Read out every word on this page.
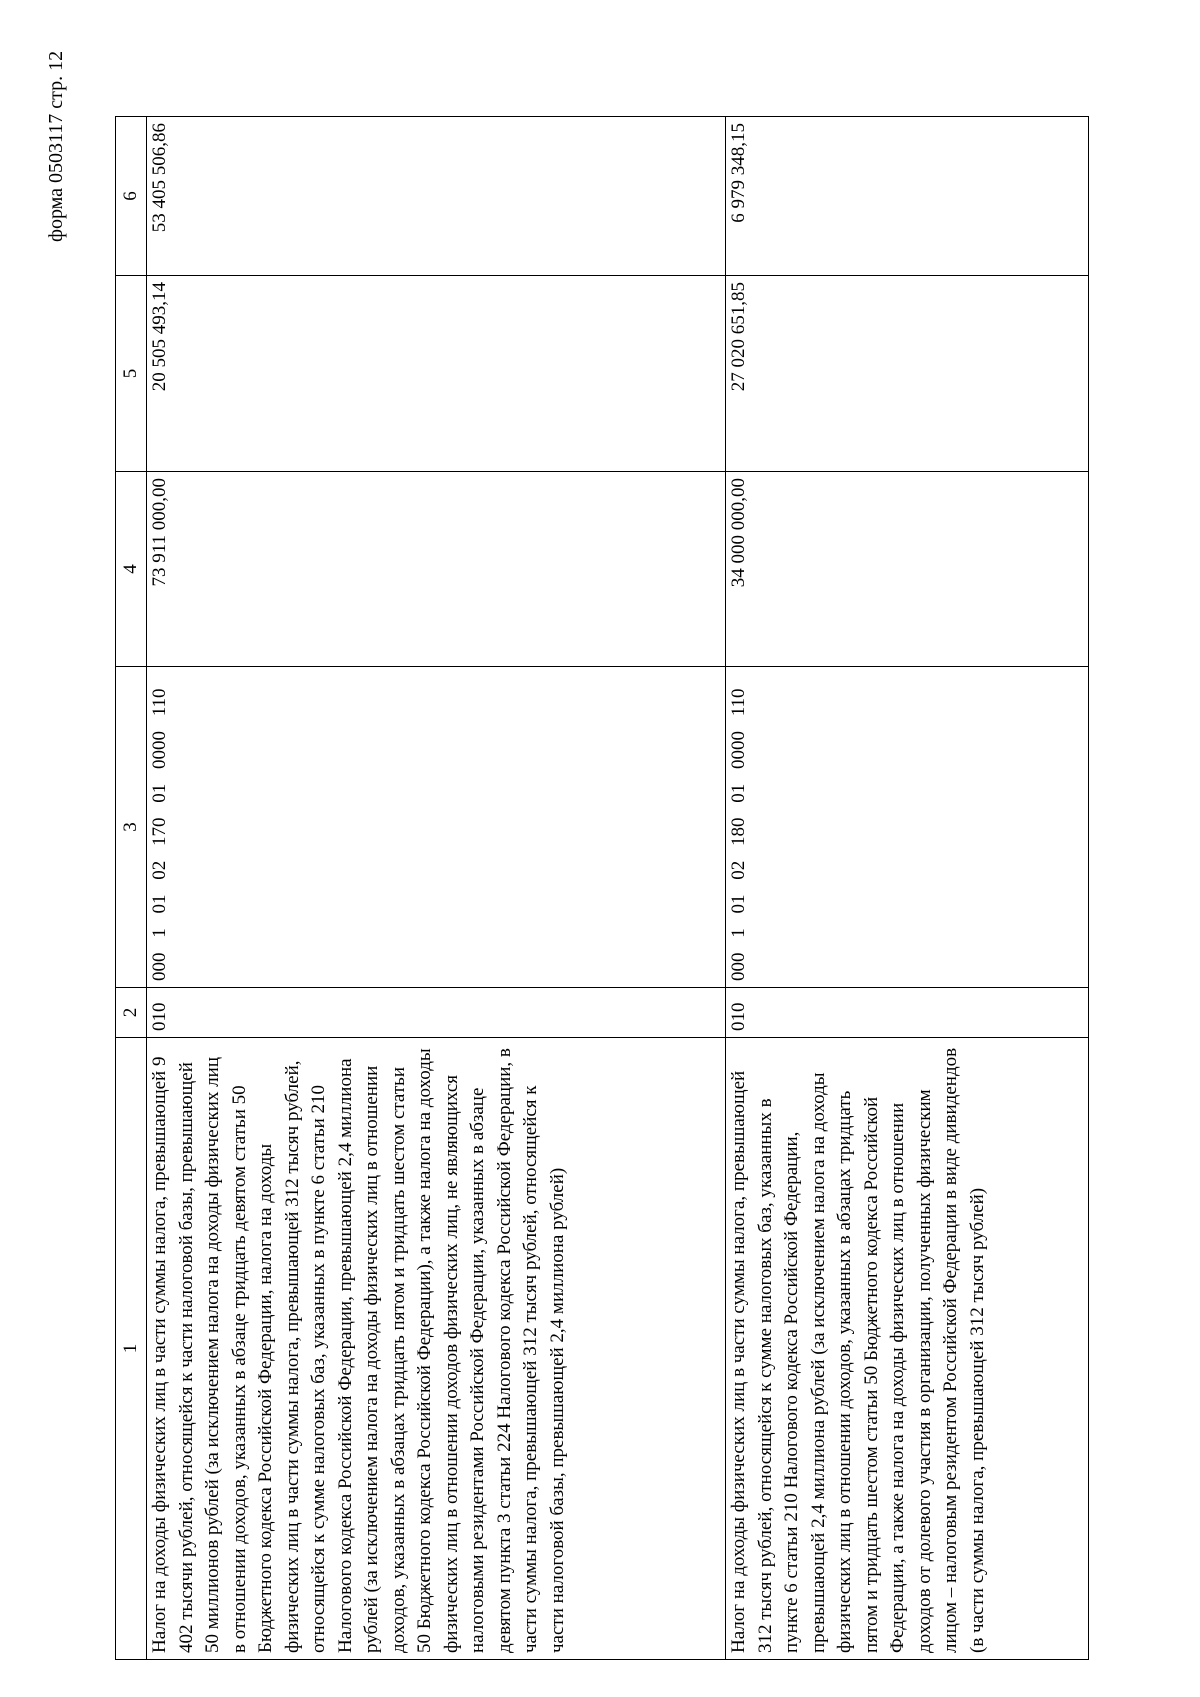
форма 0503117 стр. 12
1	2	3	4	5	6
Налог на доходы физических лиц в части суммы налога, превышающей 9 402 тысячи рублей, относящейся к части налоговой базы, превышающей 50 миллионов рублей (за исключением налога на доходы физических лиц в отношении доходов, указанных в абзаце тридцать девятом статьи 50 Бюджетного кодекса Российской Федерации, налога на доходы физических лиц в части суммы налога, превышающей 312 тысяч рублей, относящейся к сумме налоговых баз, указанных в пункте 6 статьи 210 Налогового кодекса Российской Федерации, превышающей 2,4 миллиона рублей (за исключением налога на доходы физических лиц в отношении доходов, указанных в абзацах тридцать пятом и тридцать шестом статьи 50 Бюджетного кодекса Российской Федерации), а также налога на доходы физических лиц в отношении доходов физических лиц, не являющихся налоговыми резидентами Российской Федерации, указанных в абзаце девятом пункта 3 статьи 224 Налогового кодекса Российской Федерации, в части суммы налога, превышающей 312 тысяч рублей, относящейся к части налоговой базы, превышающей 2,4 миллиона рублей)	010	000 1 01 02 170 01 0000 110	73 911 000,00	20 505 493,14	53 405 506,86
Налог на доходы физических лиц в части суммы налога, превышающей 312 тысяч рублей, относящейся к сумме налоговых баз, указанных в пункте 6 статьи 210 Налогового кодекса Российской Федерации, превышающей 2,4 миллиона рублей (за исключением налога на доходы физических лиц в отношении доходов, указанных в абзацах тридцать пятом и тридцать шестом статьи 50 Бюджетного кодекса Российской Федерации, а также налога на доходы физических лиц в отношении доходов от долевого участия в организации, полученных физическим лицом – налоговым резидентом Российской Федерации в виде дивидендов (в части суммы налога, превышающей 312 тысяч рублей)	010	000 1 01 02 180 01 0000 110	34 000 000,00	27 020 651,85	6 979 348,15
